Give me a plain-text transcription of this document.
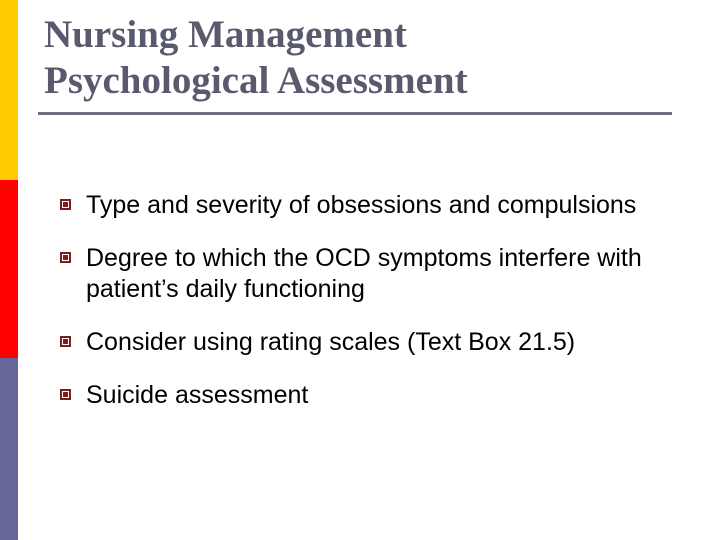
Nursing Management
Psychological Assessment
Type and severity of obsessions and compulsions
Degree to which the OCD symptoms interfere with patient’s daily functioning
Consider using rating scales (Text Box 21.5)
Suicide assessment
